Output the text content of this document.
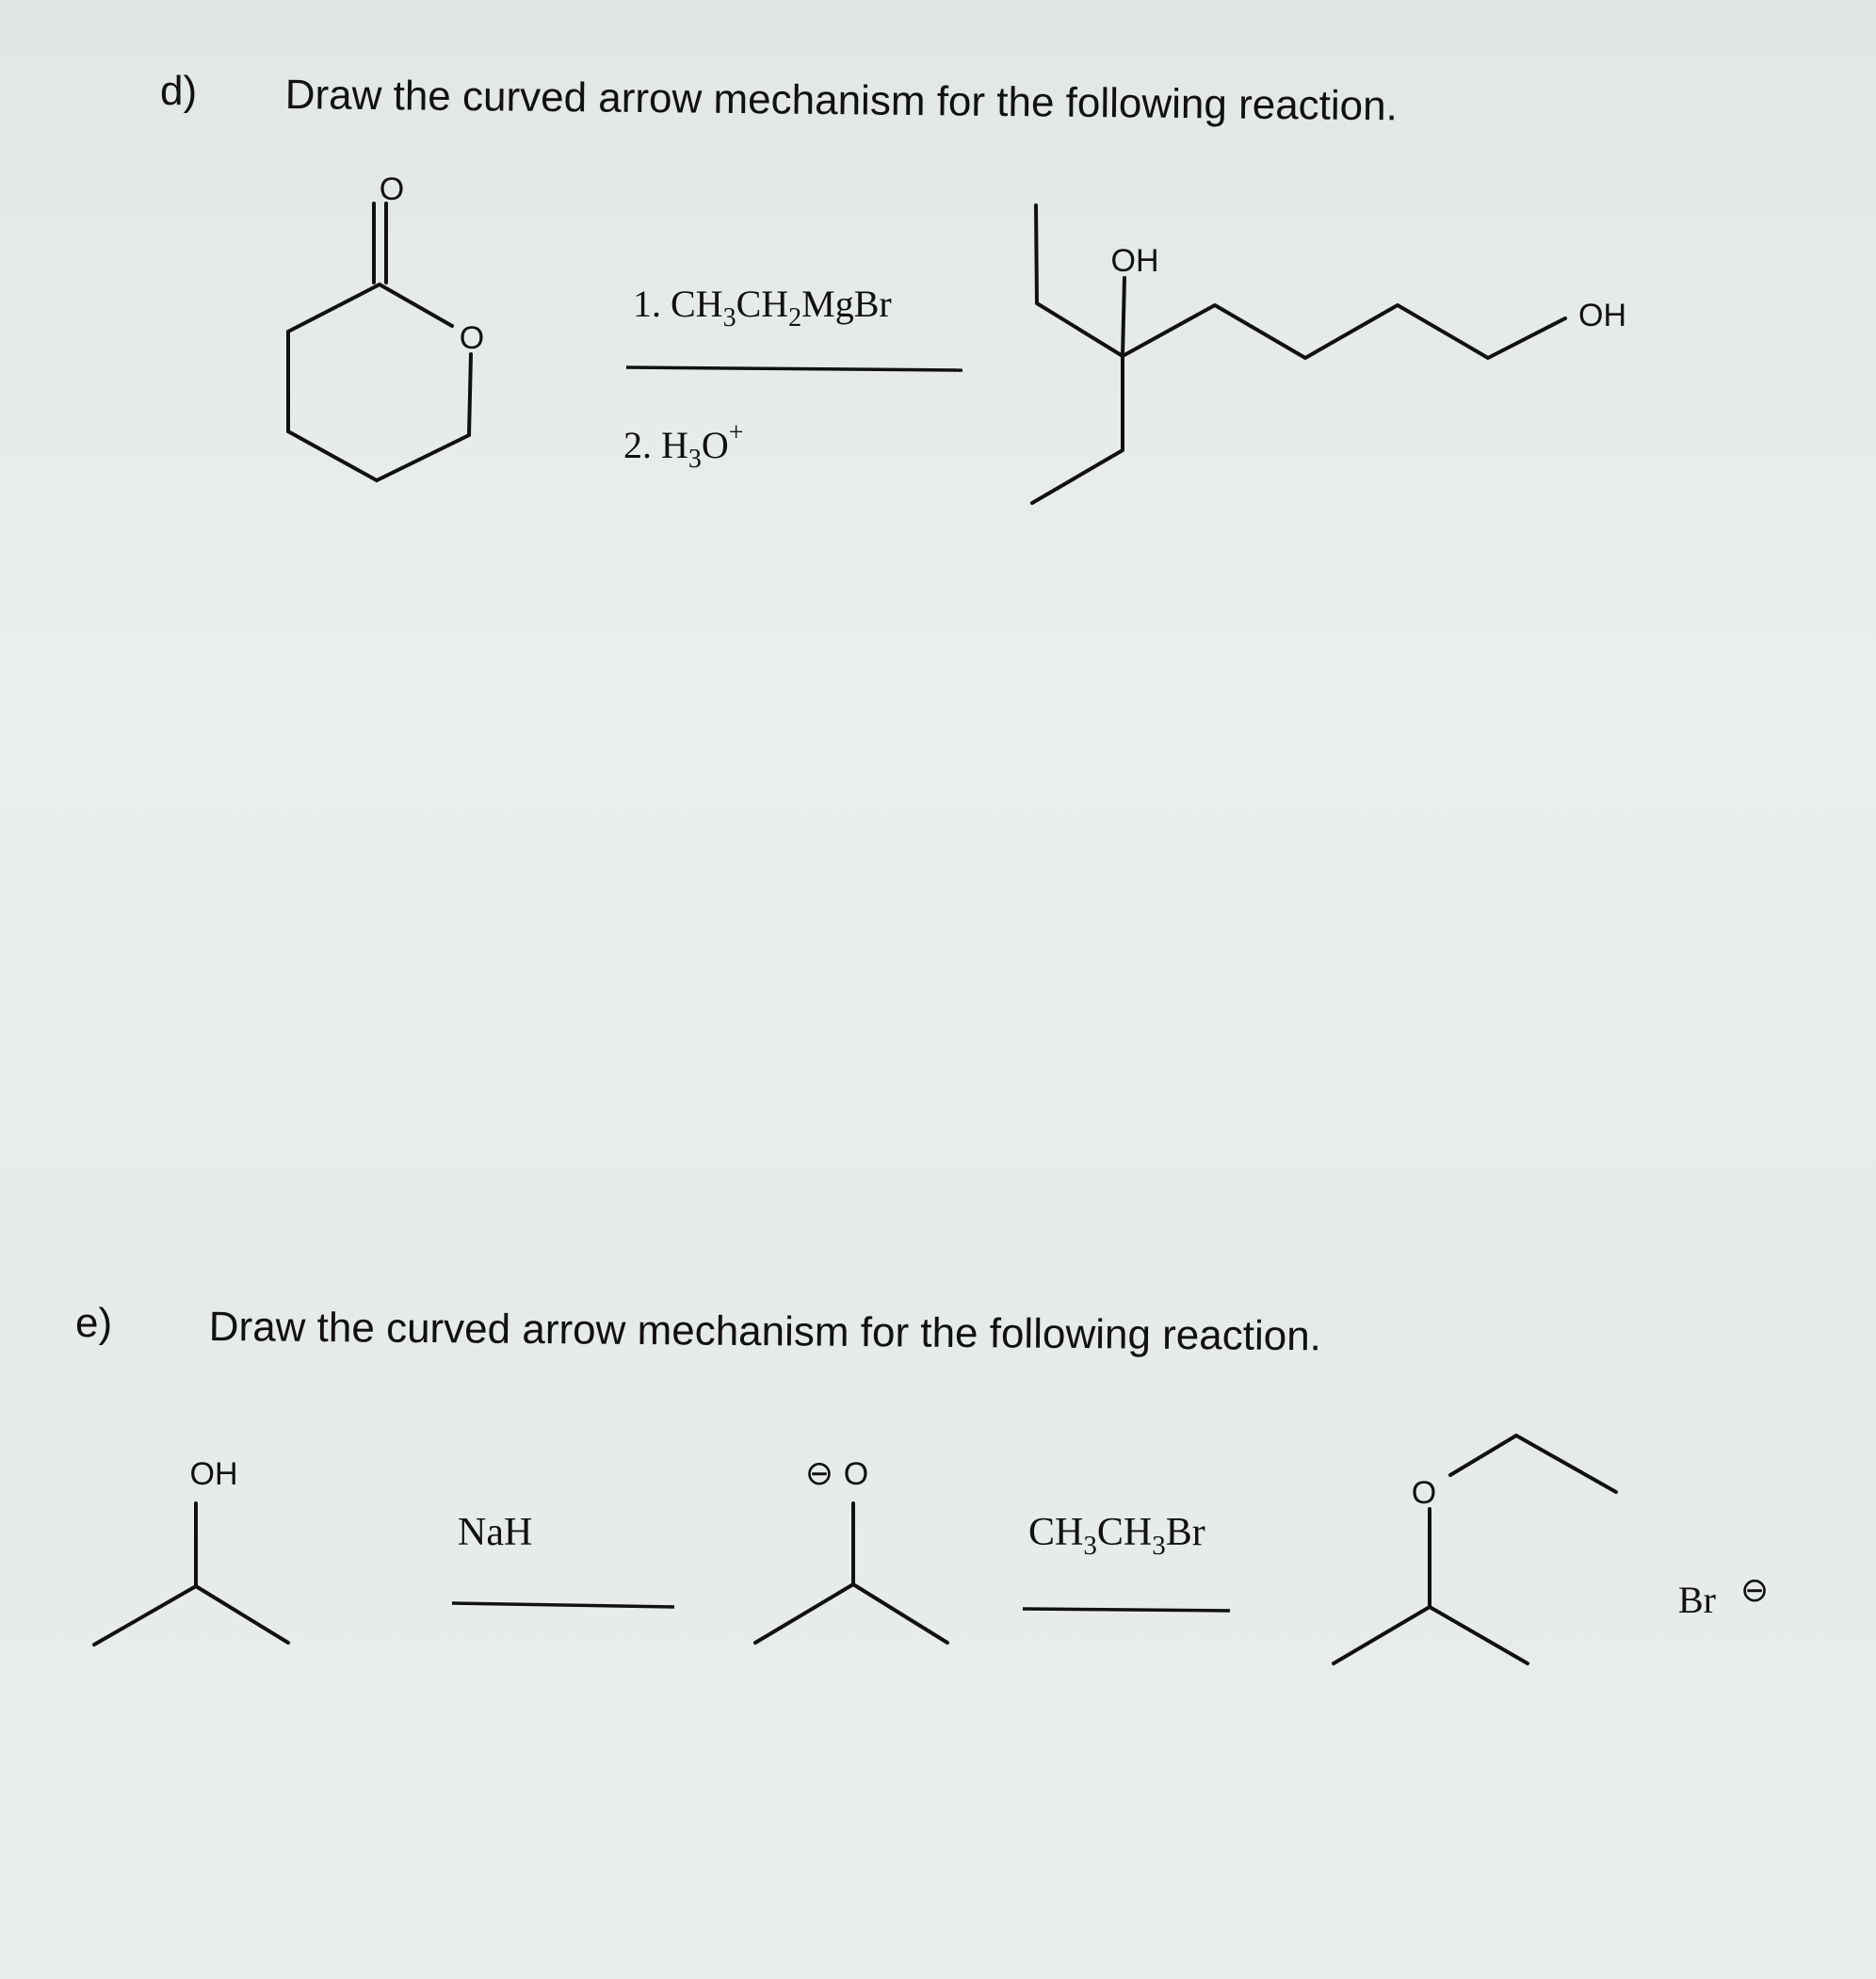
d) Draw the curved arrow mechanism for the following reaction.
e) Draw the curved arrow mechanism for the following reaction.
O
O
1. $CH_3CH_2MgBr$
2. $H_3O^+$
OH
OH
OH
NaH
⊖ O
$CH_3CH_3Br$
O
Br ⊖
